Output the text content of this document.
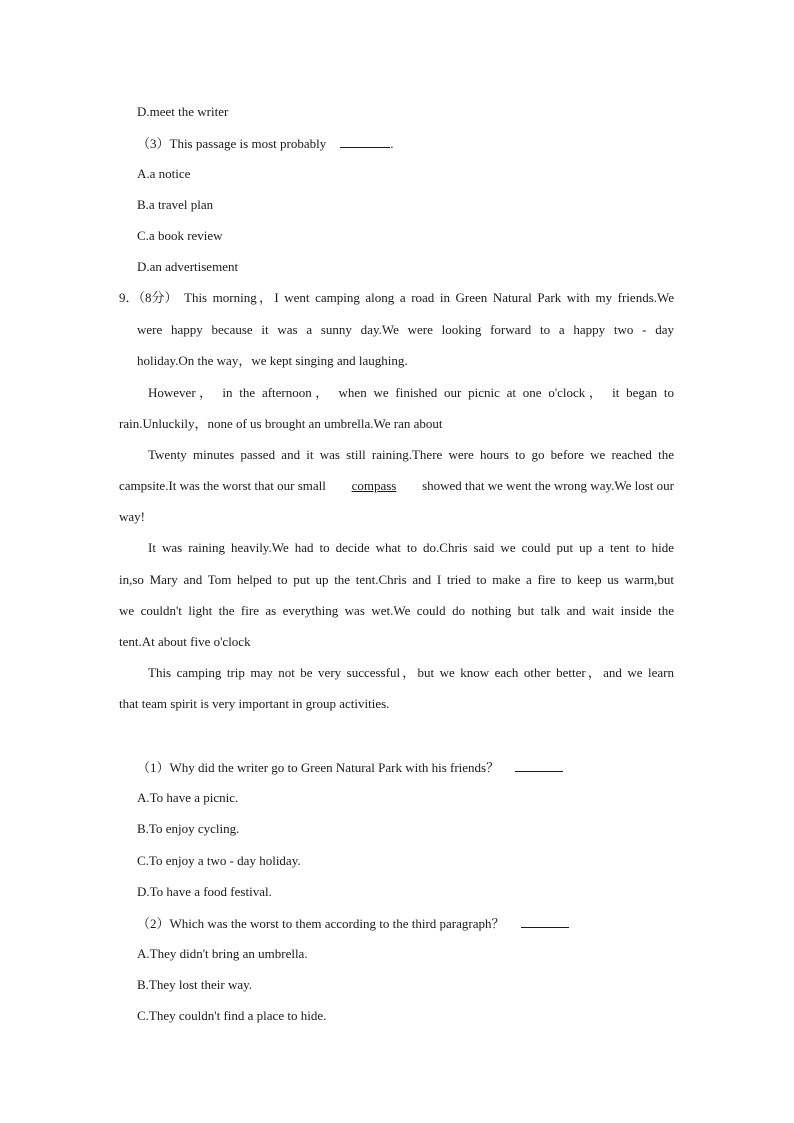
D.meet the writer
（3）This passage is most probably	.
A.a notice
B.a travel plan
C.a book review
D.an advertisement
9．（8分） This morning，I went camping along a road in Green Natural Park with my friends.We
were happy because it was a sunny day.We were looking forward to a happy two - day
holiday.On the way，we kept singing and laughing.
However， in the afternoon， when we finished our picnic at one o'clock， it began to
rain.Unluckily，none of us brought an umbrella.We ran about
Twenty minutes passed and it was still raining.There were hours to go before we reached the
campsite.It was the worst that our small compass showed that we went the wrong way.We lost our
way!
It was raining heavily.We had to decide what to do.Chris said we could put up a tent to hide
in,so Mary and Tom helped to put up the tent.Chris and I tried to make a fire to keep us warm,but
we couldn't light the fire as everything was wet.We could do nothing but talk and wait inside the
tent.At about five o'clock
This camping trip may not be very successful，but we know each other better，and we learn
that team spirit is very important in group activities.
（1）Why did the writer go to Green Natural Park with his friends？
A.To have a picnic.
B.To enjoy cycling.
C.To enjoy a two - day holiday.
D.To have a food festival.
（2）Which was the worst to them according to the third paragraph？
A.They didn't bring an umbrella.
B.They lost their way.
C.They couldn't find a place to hide.
